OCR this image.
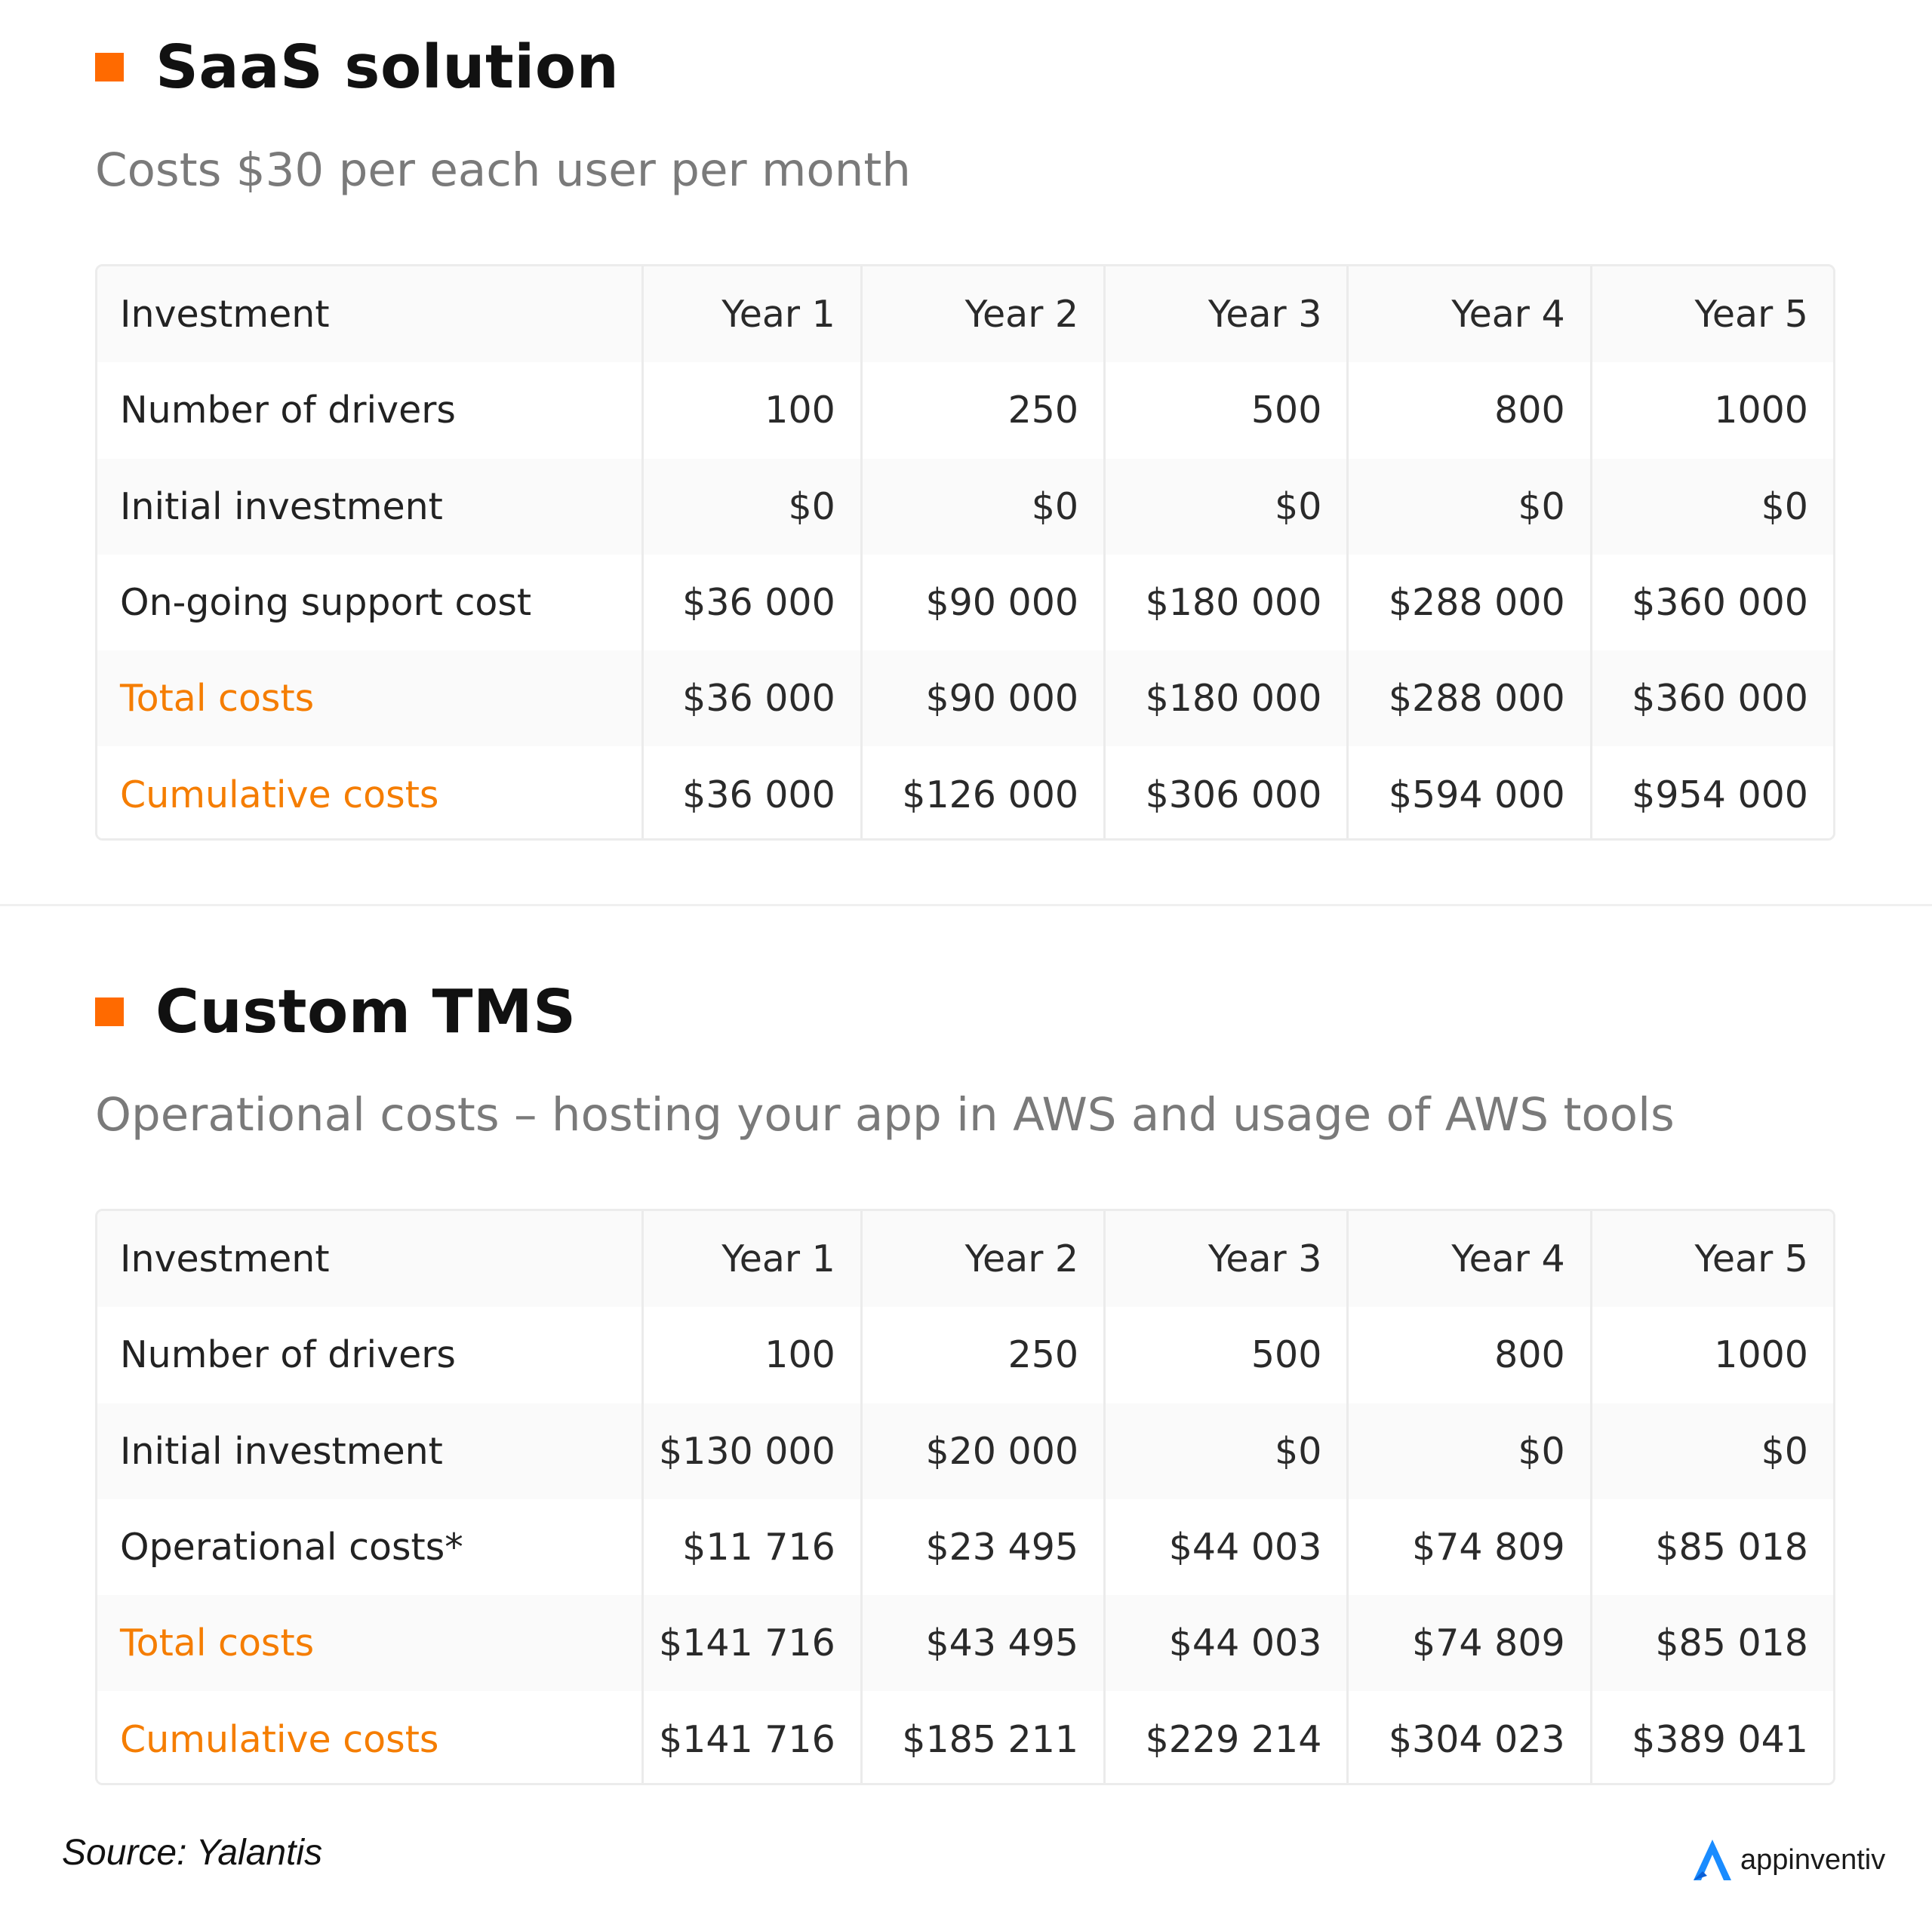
SaaS solution
Costs $30 per each user per month
Investment	Year 1	Year 2	Year 3	Year 4	Year 5
Number of drivers	100	250	500	800	1000
Initial investment	$0	$0	$0	$0	$0
On-going support cost	$36 000	$90 000	$180 000	$288 000	$360 000
Total costs	$36 000	$90 000	$180 000	$288 000	$360 000
Cumulative costs	$36 000	$126 000	$306 000	$594 000	$954 000
Custom TMS
Operational costs – hosting your app in AWS and usage of AWS tools
Investment	Year 1	Year 2	Year 3	Year 4	Year 5
Number of drivers	100	250	500	800	1000
Initial investment	$130 000	$20 000	$0	$0	$0
Operational costs*	$11 716	$23 495	$44 003	$74 809	$85 018
Total costs	$141 716	$43 495	$44 003	$74 809	$85 018
Cumulative costs	$141 716	$185 211	$229 214	$304 023	$389 041
Source: Yalantis	appinventiv
